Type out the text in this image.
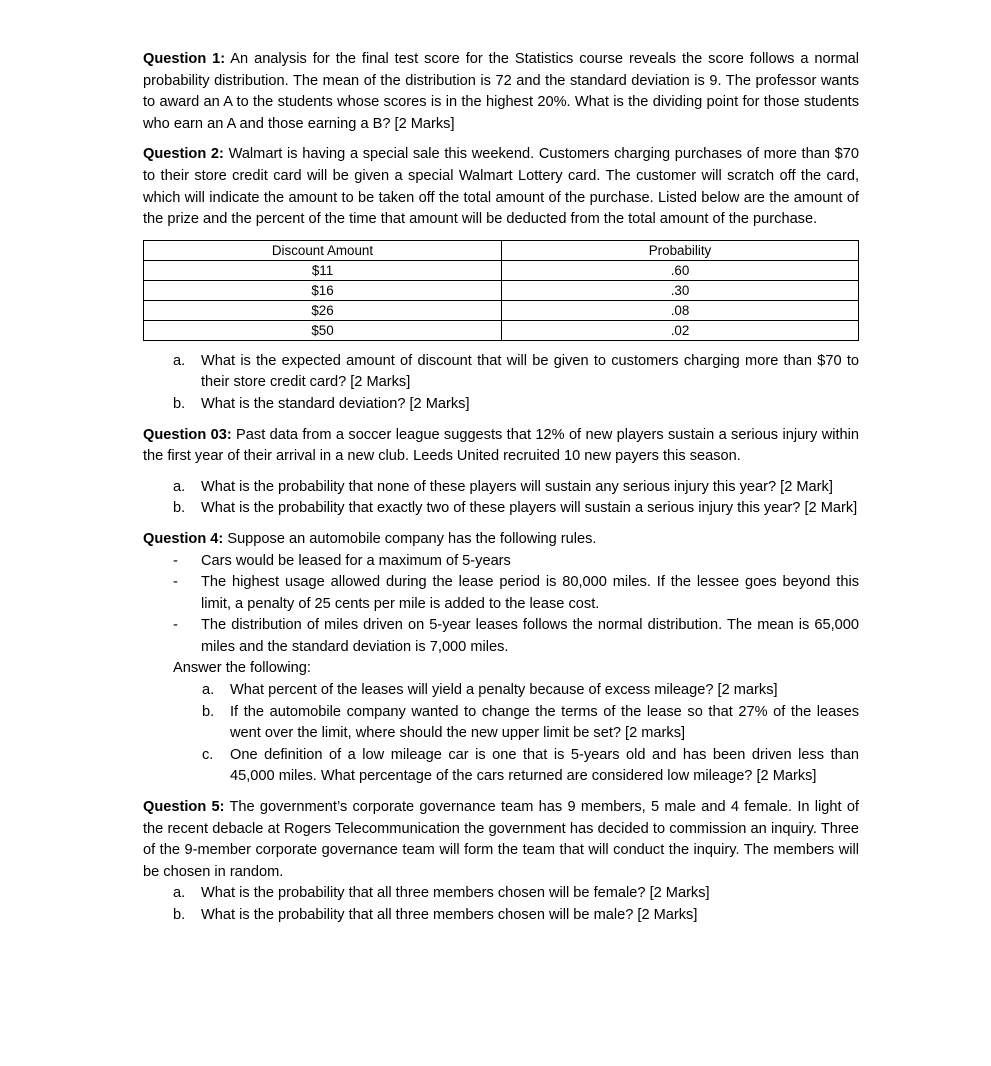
Question 1: An analysis for the final test score for the Statistics course reveals the score follows a normal probability distribution. The mean of the distribution is 72 and the standard deviation is 9. The professor wants to award an A to the students whose scores is in the highest 20%. What is the dividing point for those students who earn an A and those earning a B? [2 Marks]

Question 2: Walmart is having a special sale this weekend. Customers charging purchases of more than $70 to their store credit card will be given a special Walmart Lottery card. The customer will scratch off the card, which will indicate the amount to be taken off the total amount of the purchase. Listed below are the amount of the prize and the percent of the time that amount will be deducted from the total amount of the purchase.

Discount Amount	Probability
$11	.60
$16	.30
$26	.08
$50	.02
a. What is the expected amount of discount that will be given to customers charging more than $70 to their store credit card? [2 Marks]
b. What is the standard deviation? [2 Marks]

Question 03: Past data from a soccer league suggests that 12% of new players sustain a serious injury within the first year of their arrival in a new club. Leeds United recruited 10 new payers this season.

a. What is the probability that none of these players will sustain any serious injury this year? [2 Mark]
b. What is the probability that exactly two of these players will sustain a serious injury this year? [2 Mark]

Question 4: Suppose an automobile company has the following rules.

- Cars would be leased for a maximum of 5-years
- The highest usage allowed during the lease period is 80,000 miles. If the lessee goes beyond this limit, a penalty of 25 cents per mile is added to the lease cost.
- The distribution of miles driven on 5-year leases follows the normal distribution. The mean is 65,000 miles and the standard deviation is 7,000 miles.
Answer the following:
a. What percent of the leases will yield a penalty because of excess mileage? [2 marks]
b. If the automobile company wanted to change the terms of the lease so that 27% of the leases went over the limit, where should the new upper limit be set? [2 marks]
c. One definition of a low mileage car is one that is 5-years old and has been driven less than 45,000 miles. What percentage of the cars returned are considered low mileage? [2 Marks]

Question 5: The government’s corporate governance team has 9 members, 5 male and 4 female. In light of the recent debacle at Rogers Telecommunication the government has decided to commission an inquiry. Three of the 9-member corporate governance team will form the team that will conduct the inquiry. The members will be chosen in random.

a. What is the probability that all three members chosen will be female? [2 Marks]
b. What is the probability that all three members chosen will be male? [2 Marks]
